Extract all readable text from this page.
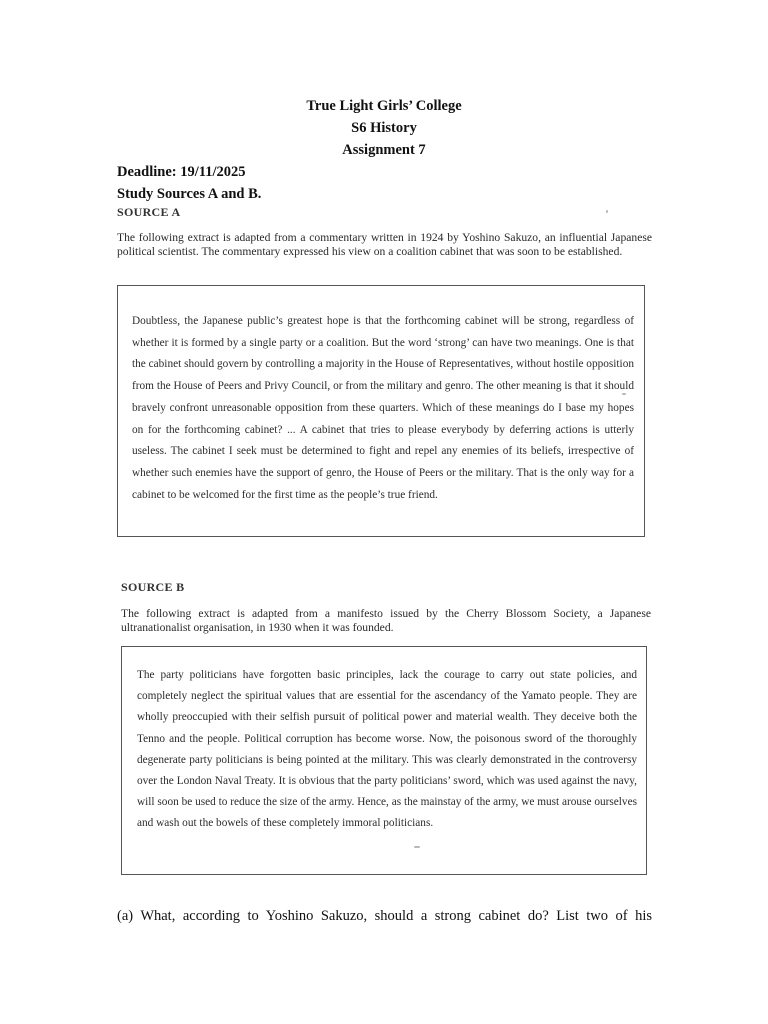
True Light Girls’ College
S6 History
Assignment 7
Deadline: 19/11/2025
Study Sources A and B.
SOURCE A
The following extract is adapted from a commentary written in 1924 by Yoshino Sakuzo, an influential Japanese political scientist. The commentary expressed his view on a coalition cabinet that was soon to be established.
Doubtless, the Japanese public’s greatest hope is that the forthcoming cabinet will be strong, regardless of whether it is formed by a single party or a coalition. But the word ‘strong’ can have two meanings. One is that the cabinet should govern by controlling a majority in the House of Representatives, without hostile opposition from the House of Peers and Privy Council, or from the military and genro. The other meaning is that it should bravely confront unreasonable opposition from these quarters. Which of these meanings do I base my hopes on for the forthcoming cabinet? ... A cabinet that tries to please everybody by deferring actions is utterly useless. The cabinet I seek must be determined to fight and repel any enemies of its beliefs, irrespective of whether such enemies have the support of genro, the House of Peers or the military. That is the only way for a cabinet to be welcomed for the first time as the people’s true friend.
SOURCE B
The following extract is adapted from a manifesto issued by the Cherry Blossom Society, a Japanese ultranationalist organisation, in 1930 when it was founded.
The party politicians have forgotten basic principles, lack the courage to carry out state policies, and completely neglect the spiritual values that are essential for the ascendancy of the Yamato people. They are wholly preoccupied with their selfish pursuit of political power and material wealth. They deceive both the Tenno and the people. Political corruption has become worse. Now, the poisonous sword of the thoroughly degenerate party politicians is being pointed at the military. This was clearly demonstrated in the controversy over the London Naval Treaty. It is obvious that the party politicians’ sword, which was used against the navy, will soon be used to reduce the size of the army. Hence, as the mainstay of the army, we must arouse ourselves and wash out the bowels of these completely immoral politicians.
(a) What, according to Yoshino Sakuzo, should a strong cabinet do? List two of his
